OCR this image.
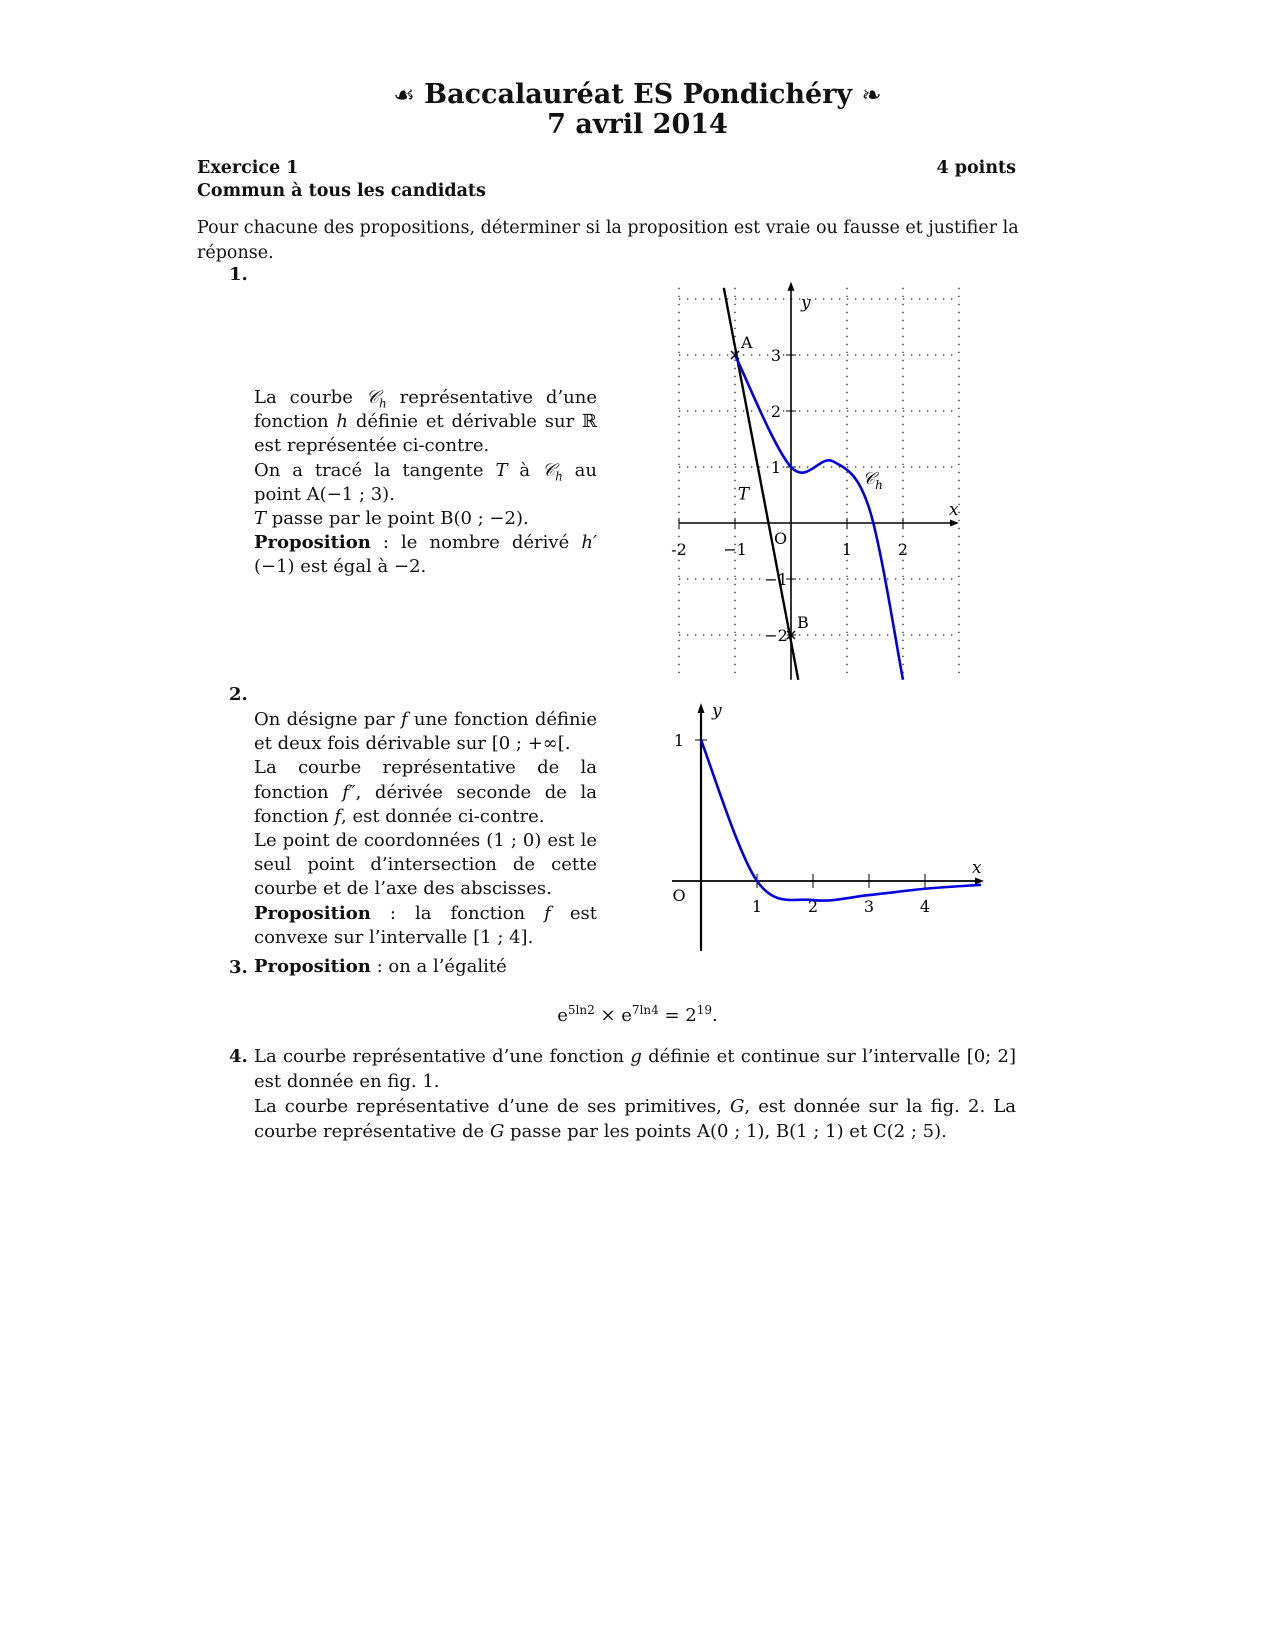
☙ Baccalauréat ES Pondichéry ❧
7 avril 2014
Exercice 1	4 points
Commun à tous les candidats
Pour chacune des propositions, déterminer si la proposition est vraie ou fausse et justifier la réponse.
1.

La courbe 𝒞$_h$ représentative d’une fonction h définie et dérivable sur ℝ est représentée ci-contre.

On a tracé la tangente T à 𝒞$_h$ au point A(−1 ; 3).

T passe par le point B(0 ; −2).

Proposition : le nombre dérivé h′(−1) est égal à −2.

-2 −1	1	2
3
2
1
−1
−2
O
x
y
T
𝒞$_h$
A
B
2.

On désigne par f une fonction définie et deux fois dérivable sur [0 ; +∞[.

La courbe représentative de la fonction f″, dérivée seconde de la fonction f, est donnée ci-contre.

Le point de coordonnées (1 ; 0) est le seul point d’intersection de cette courbe et de l’axe des abscisses.

Proposition : la fonction f est convexe sur l’intervalle [1 ; 4].

1	2	3	4
1
O
x
y
3. Proposition : on a l’égalité
$e^{5ln2} \times e^{7ln4} = 2^{19}$.
4. La courbe représentative d’une fonction g définie et continue sur l’intervalle [0; 2] est donnée en fig. 1.

La courbe représentative d’une de ses primitives, G, est donnée sur la fig. 2. La courbe représentative de G passe par les points A(0 ; 1), B(1 ; 1) et C(2 ; 5).
